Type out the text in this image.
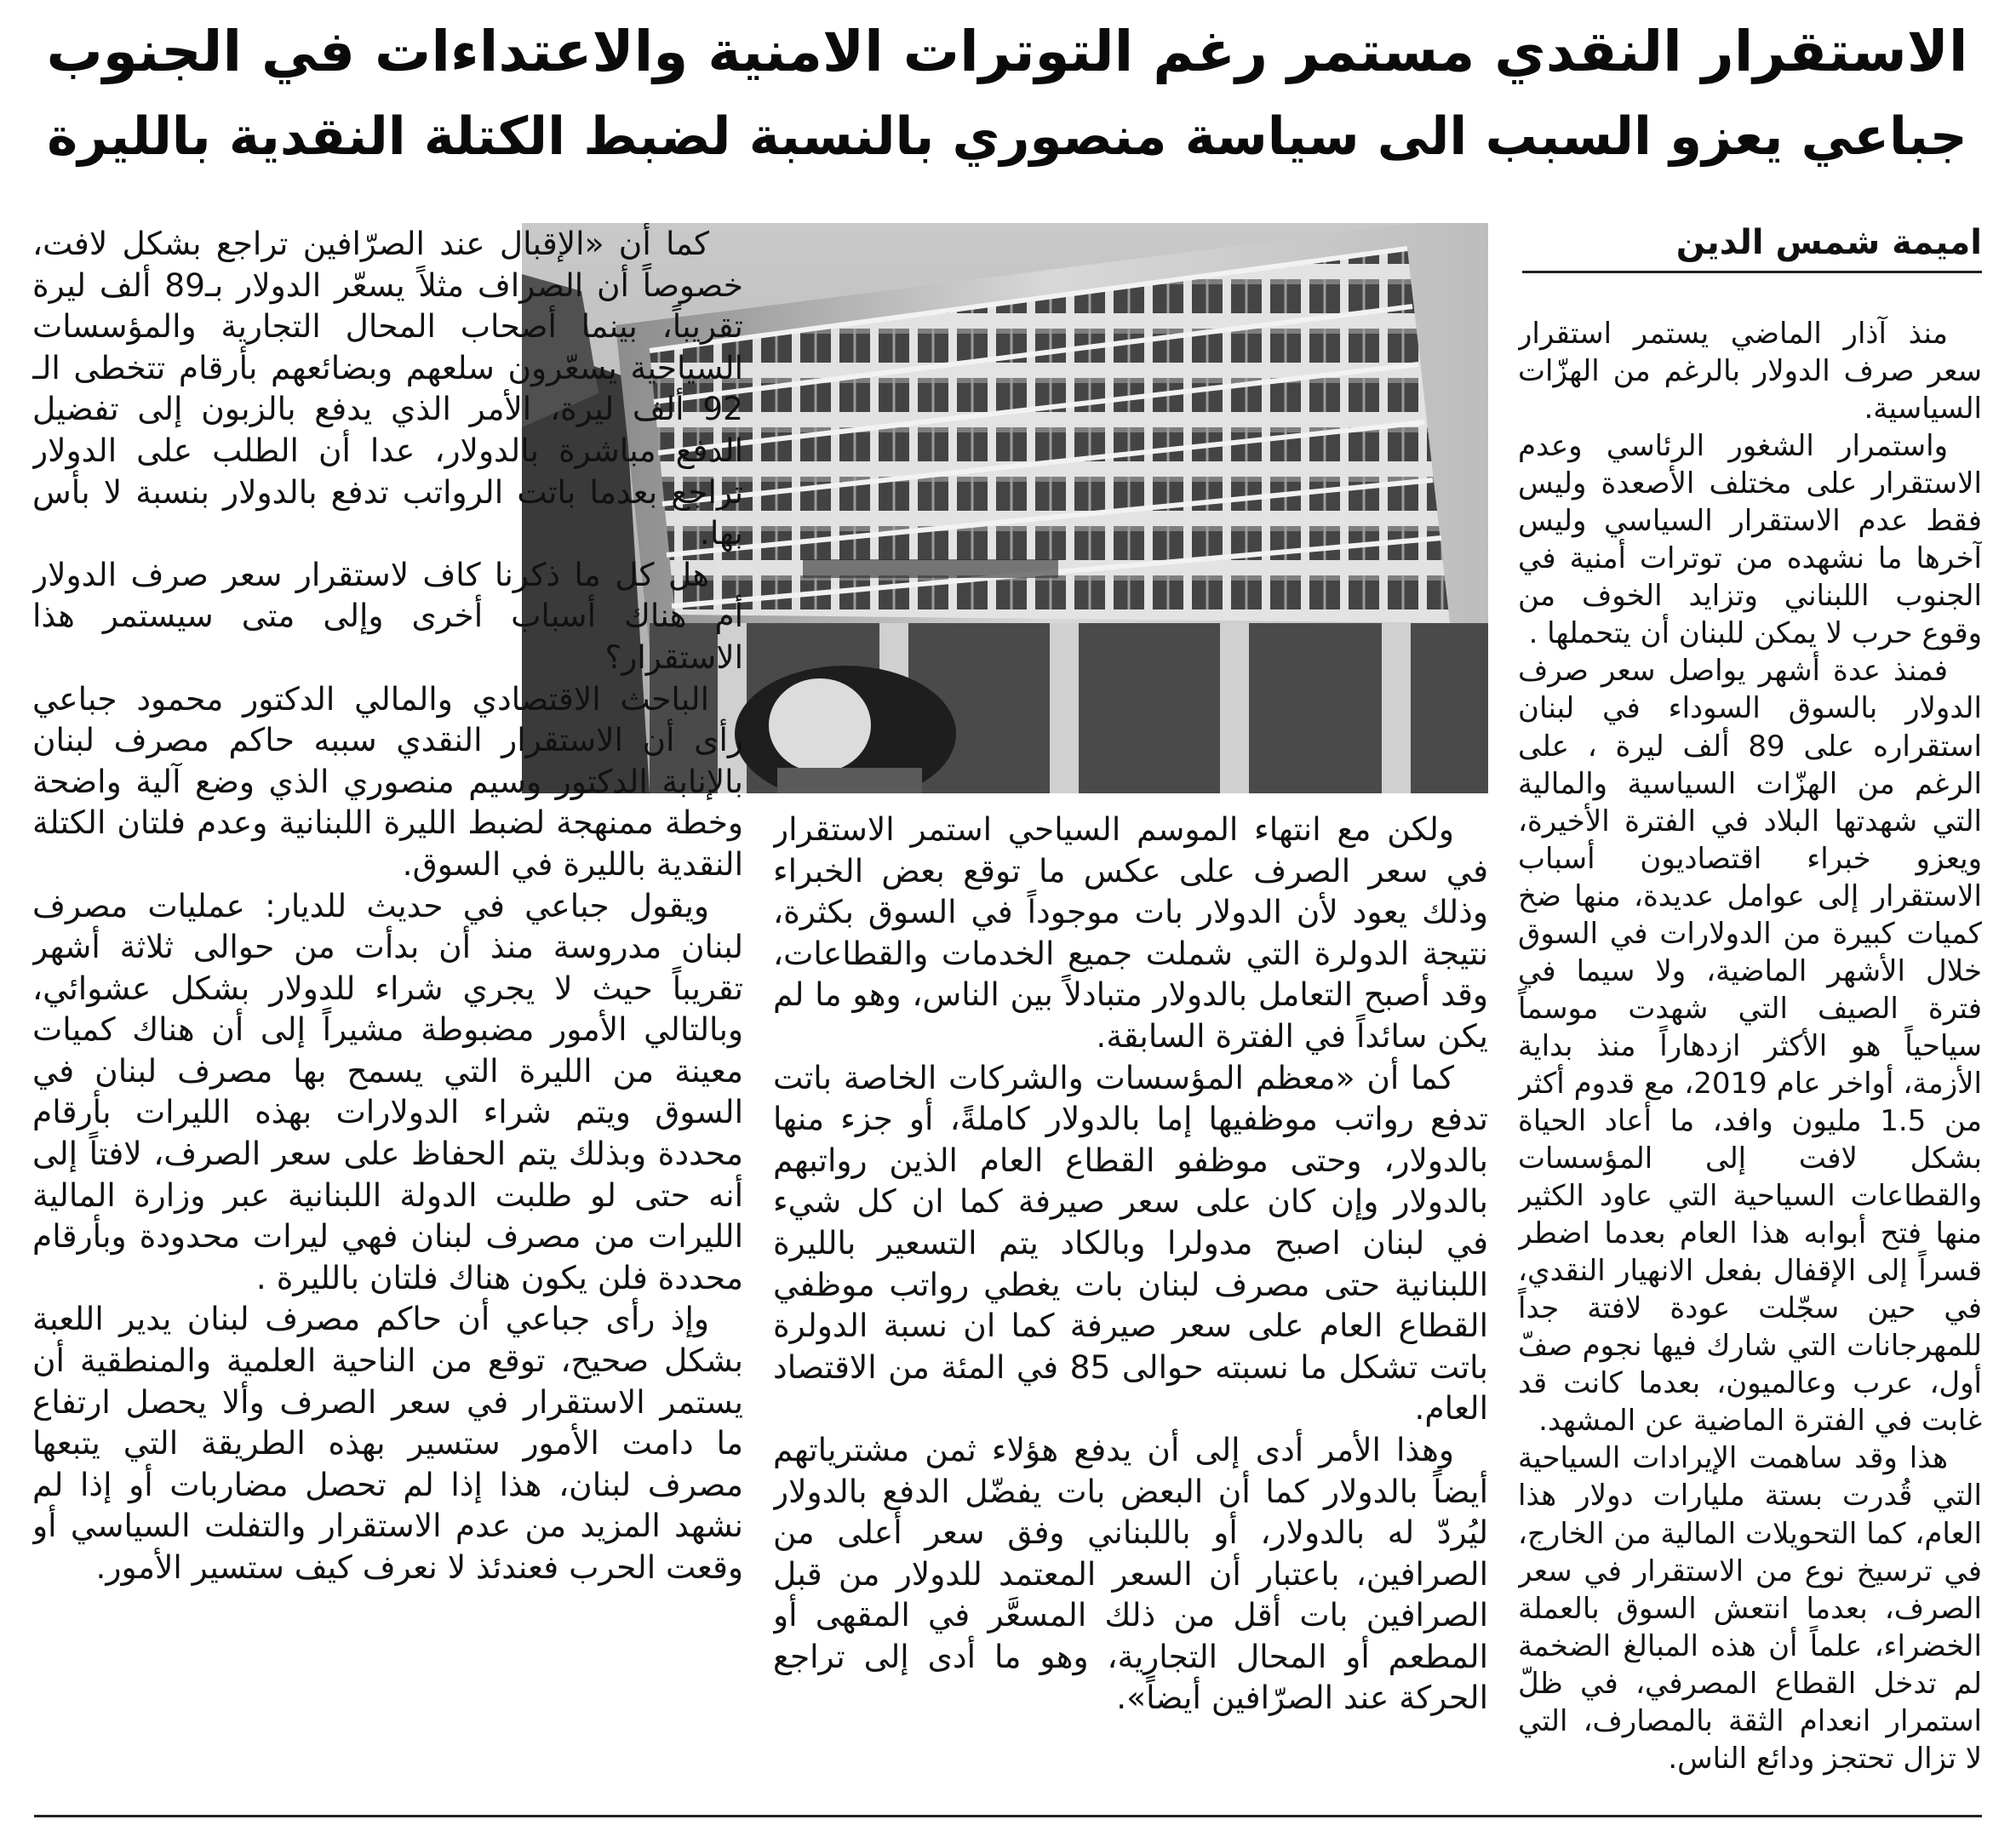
الاستقرار النقدي مستمر رغم التوترات الامنية والاعتداءات في الجنوب
جباعي يعزو السبب الى سياسة منصوري بالنسبة لضبط الكتلة النقدية بالليرة
اميمة شمس الدين

منذ آذار الماضي يستمر استقرار سعر صرف الدولار بالرغم من الهزّات السياسية.

واستمرار الشغور الرئاسي وعدم الاستقرار على مختلف الأصعدة وليس فقط عدم الاستقرار السياسي وليس آخرها ما نشهده من توترات أمنية في الجنوب اللبناني وتزايد الخوف من وقوع حرب لا يمكن للبنان أن يتحملها .

فمنذ عدة أشهر يواصل سعر صرف الدولار بالسوق السوداء في لبنان استقراره على 89 ألف ليرة ، على الرغم من الهزّات السياسية والمالية التي شهدتها البلاد في الفترة الأخيرة، ويعزو خبراء اقتصاديون أسباب الاستقرار إلى عوامل عديدة، منها ضخ كميات كبيرة من الدولارات في السوق خلال الأشهر الماضية، ولا سيما في فترة الصيف التي شهدت موسماً سياحياً هو الأكثر ازدهاراً منذ بداية الأزمة، أواخر عام 2019، مع قدوم أكثر من 1.5 مليون وافد، ما أعاد الحياة بشكل لافت إلى المؤسسات والقطاعات السياحية التي عاود الكثير منها فتح أبوابه هذا العام بعدما اضطر قسراً إلى الإقفال بفعل الانهيار النقدي، في حين سجّلت عودة لافتة جداً للمهرجانات التي شارك فيها نجوم صفّ أول، عرب وعالميون، بعدما كانت قد غابت في الفترة الماضية عن المشهد.

هذا وقد ساهمت الإيرادات السياحية التي قُدرت بستة مليارات دولار هذا العام، كما التحويلات المالية من الخارج، في ترسيخ نوع من الاستقرار في سعر الصرف، بعدما انتعش السوق بالعملة الخضراء، علماً أن هذه المبالغ الضخمة لم تدخل القطاع المصرفي، في ظلّ استمرار انعدام الثقة بالمصارف، التي لا تزال تحتجز ودائع الناس.

ولكن مع انتهاء الموسم السياحي استمر الاستقرار في سعر الصرف على عكس ما توقع بعض الخبراء وذلك يعود لأن الدولار بات موجوداً في السوق بكثرة، نتيجة الدولرة التي شملت جميع الخدمات والقطاعات، وقد أصبح التعامل بالدولار متبادلاً بين الناس، وهو ما لم يكن سائداً في الفترة السابقة.

كما أن «معظم المؤسسات والشركات الخاصة باتت تدفع رواتب موظفيها إما بالدولار كاملةً، أو جزء منها بالدولار، وحتى موظفو القطاع العام الذين رواتبهم بالدولار وإن كان على سعر صيرفة كما ان كل شيء في لبنان اصبح مدولرا وبالكاد يتم التسعير بالليرة اللبنانية حتى مصرف لبنان بات يغطي رواتب موظفي القطاع العام على سعر صيرفة كما ان نسبة الدولرة باتت تشكل ما نسبته حوالى 85 في المئة من الاقتصاد العام.

وهذا الأمر أدى إلى أن يدفع هؤلاء ثمن مشترياتهم أيضاً بالدولار كما أن البعض بات يفضّل الدفع بالدولار ليُردّ له بالدولار، أو باللبناني وفق سعر أعلى من الصرافين، باعتبار أن السعر المعتمد للدولار من قبل الصرافين بات أقل من ذلك المسعَّر في المقهى أو المطعم أو المحال التجارية، وهو ما أدى إلى تراجع الحركة عند الصرّافين أيضاً».

كما أن «الإقبال عند الصرّافين تراجع بشكل لافت، خصوصاً أن الصراف مثلاً يسعّر الدولار بـ89 ألف ليرة تقريباً، بينما أصحاب المحال التجارية والمؤسسات السياحية يسعّرون سلعهم وبضائعهم بأرقام تتخطى الـ 92 ألف ليرة، الأمر الذي يدفع بالزبون إلى تفضيل الدفع مباشرة بالدولار، عدا أن الطلب على الدولار تراجع بعدما باتت الرواتب تدفع بالدولار بنسبة لا بأس بها.

هل كل ما ذكرنا كاف لاستقرار سعر صرف الدولار أم هناك أسباب أخرى وإلى متى سيستمر هذا الاستقرار؟

الباحث الاقتصادي والمالي الدكتور محمود جباعي رأى أن الاستقرار النقدي سببه حاكم مصرف لبنان بالإنابة الدكتور وسيم منصوري الذي وضع آلية واضحة وخطة ممنهجة لضبط الليرة اللبنانية وعدم فلتان الكتلة النقدية بالليرة في السوق.

ويقول جباعي في حديث للديار: عمليات مصرف لبنان مدروسة منذ أن بدأت من حوالى ثلاثة أشهر تقريباً حيث لا يجري شراء للدولار بشكل عشوائي، وبالتالي الأمور مضبوطة مشيراً إلى أن هناك كميات معينة من الليرة التي يسمح بها مصرف لبنان في السوق ويتم شراء الدولارات بهذه الليرات بأرقام محددة وبذلك يتم الحفاظ على سعر الصرف، لافتاً إلى أنه حتى لو طلبت الدولة اللبنانية عبر وزارة المالية الليرات من مصرف لبنان فهي ليرات محدودة وبأرقام محددة فلن يكون هناك فلتان بالليرة .

وإذ رأى جباعي أن حاكم مصرف لبنان يدير اللعبة بشكل صحيح، توقع من الناحية العلمية والمنطقية أن يستمر الاستقرار في سعر الصرف وألا يحصل ارتفاع ما دامت الأمور ستسير بهذه الطريقة التي يتبعها مصرف لبنان، هذا إذا لم تحصل مضاربات أو إذا لم نشهد المزيد من عدم الاستقرار والتفلت السياسي أو وقعت الحرب فعندئذ لا نعرف كيف ستسير الأمور.
